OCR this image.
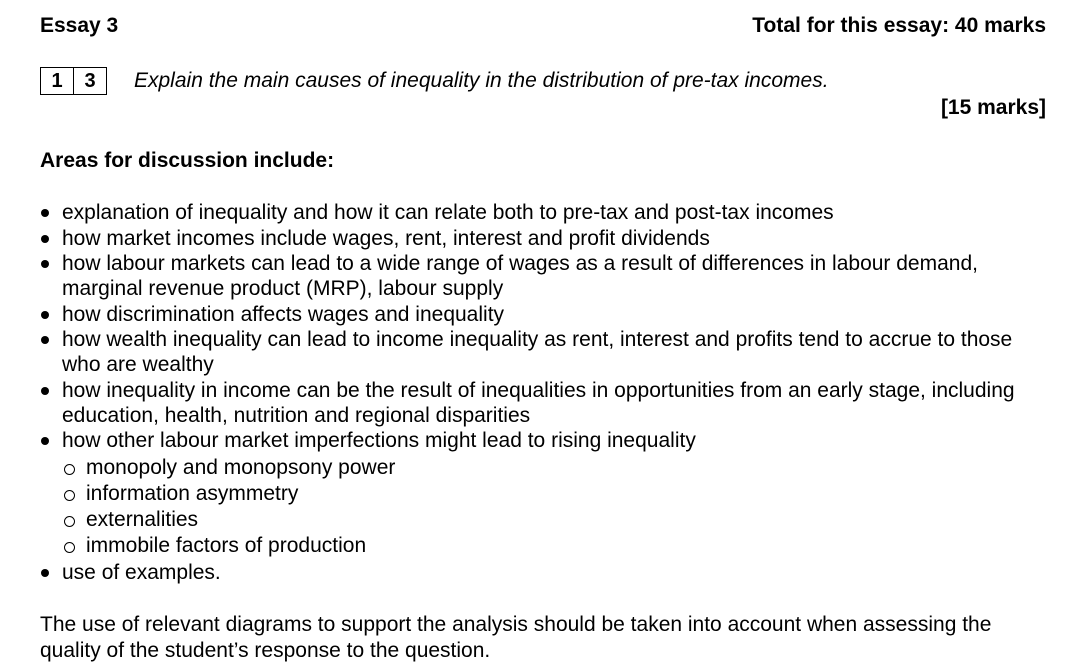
Essay 3	Total for this essay: 40 marks
1	3	Explain the main causes of inequality in the distribution of pre-tax incomes.
[15 marks]
Areas for discussion include:
explanation of inequality and how it can relate both to pre-tax and post-tax incomes
how market incomes include wages, rent, interest and profit dividends
how labour markets can lead to a wide range of wages as a result of differences in labour demand, marginal revenue product (MRP), labour supply
how discrimination affects wages and inequality
how wealth inequality can lead to income inequality as rent, interest and profits tend to accrue to those who are wealthy
how inequality in income can be the result of inequalities in opportunities from an early stage, including education, health, nutrition and regional disparities
how other labour market imperfections might lead to rising inequality
monopoly and monopsony power
information asymmetry
externalities
immobile factors of production
use of examples.
The use of relevant diagrams to support the analysis should be taken into account when assessing the quality of the student’s response to the question.
